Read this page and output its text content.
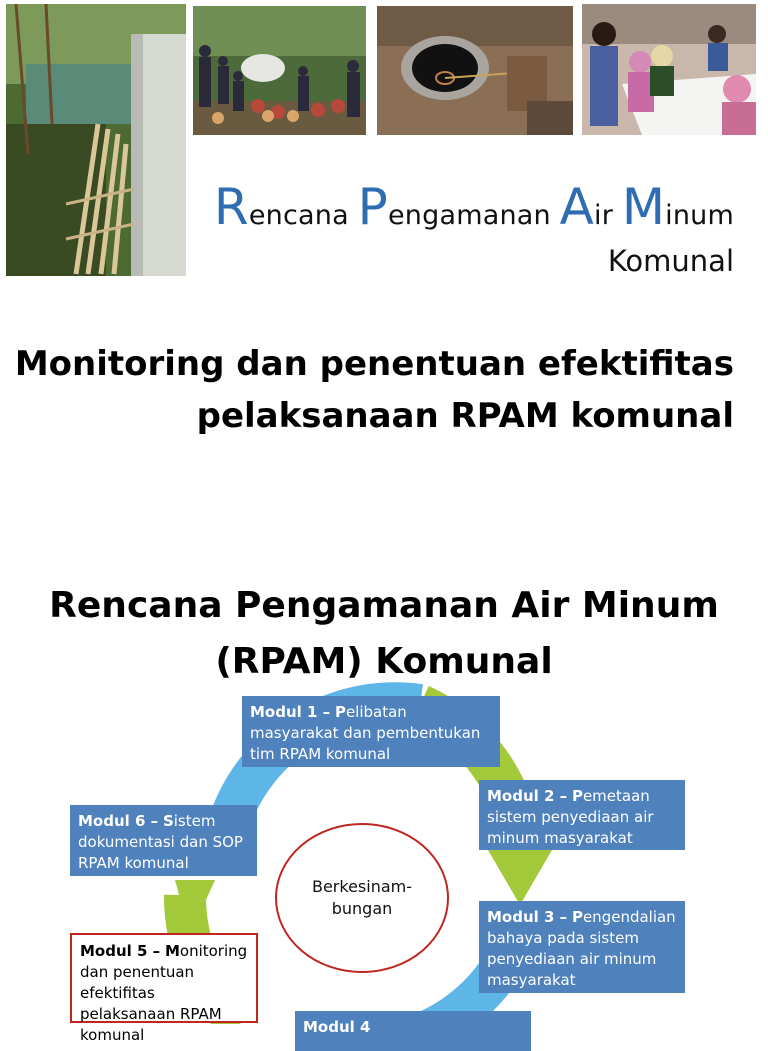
Rencana Pengamanan Air Minum
Komunal
Monitoring dan penentuan efektifitas
pelaksanaan RPAM komunal
Rencana Pengamanan Air Minum
(RPAM) Komunal
Berkesinam-
bungan
Modul 1 – Pelibatan masyarakat dan pembentukan tim RPAM komunal
Modul 2 – Pemetaan sistem penyediaan air minum masyarakat
Modul 3 – Pengendalian bahaya pada sistem penyediaan air minum masyarakat
Modul 4
Modul 5 – Monitoring dan penentuan efektifitas pelaksanaan RPAM komunal
Modul 6 – Sistem dokumentasi dan SOP RPAM komunal
